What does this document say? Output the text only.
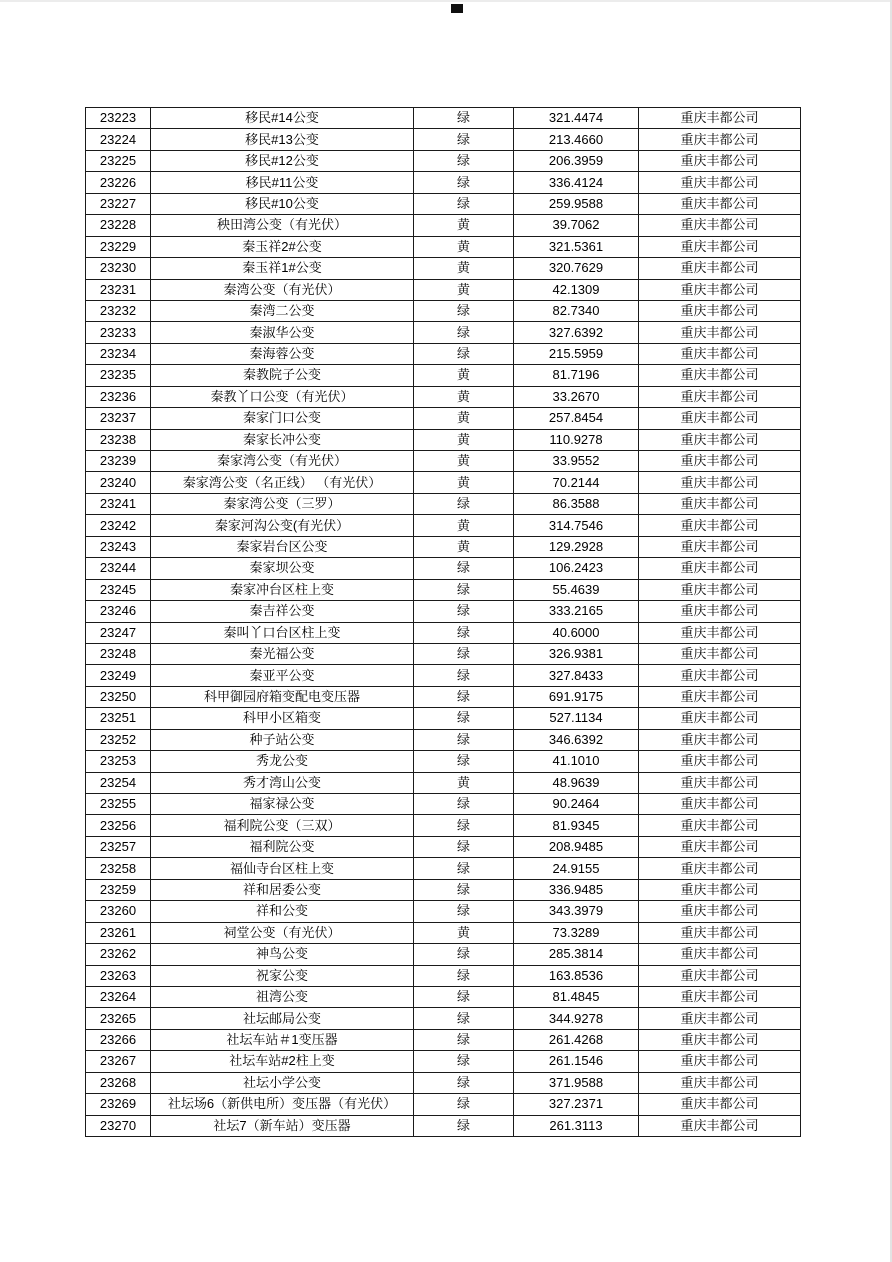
23223	移民#14公变	绿	321.4474	重庆丰都公司
23224	移民#13公变	绿	213.4660	重庆丰都公司
23225	移民#12公变	绿	206.3959	重庆丰都公司
23226	移民#11公变	绿	336.4124	重庆丰都公司
23227	移民#10公变	绿	259.9588	重庆丰都公司
23228	秧田湾公变（有光伏）	黄	39.7062	重庆丰都公司
23229	秦玉祥2#公变	黄	321.5361	重庆丰都公司
23230	秦玉祥1#公变	黄	320.7629	重庆丰都公司
23231	秦湾公变（有光伏）	黄	42.1309	重庆丰都公司
23232	秦湾二公变	绿	82.7340	重庆丰都公司
23233	秦淑华公变	绿	327.6392	重庆丰都公司
23234	秦海蓉公变	绿	215.5959	重庆丰都公司
23235	秦教院子公变	黄	81.7196	重庆丰都公司
23236	秦教丫口公变（有光伏）	黄	33.2670	重庆丰都公司
23237	秦家门口公变	黄	257.8454	重庆丰都公司
23238	秦家长冲公变	黄	110.9278	重庆丰都公司
23239	秦家湾公变（有光伏）	黄	33.9552	重庆丰都公司
23240	秦家湾公变（名正线） （有光伏）	黄	70.2144	重庆丰都公司
23241	秦家湾公变（三罗）	绿	86.3588	重庆丰都公司
23242	秦家河沟公变(有光伏）	黄	314.7546	重庆丰都公司
23243	秦家岩台区公变	黄	129.2928	重庆丰都公司
23244	秦家坝公变	绿	106.2423	重庆丰都公司
23245	秦家冲台区柱上变	绿	55.4639	重庆丰都公司
23246	秦吉祥公变	绿	333.2165	重庆丰都公司
23247	秦叫丫口台区柱上变	绿	40.6000	重庆丰都公司
23248	秦光福公变	绿	326.9381	重庆丰都公司
23249	秦亚平公变	绿	327.8433	重庆丰都公司
23250	科甲御园府箱变配电变压器	绿	691.9175	重庆丰都公司
23251	科甲小区箱变	绿	527.1134	重庆丰都公司
23252	种子站公变	绿	346.6392	重庆丰都公司
23253	秀龙公变	绿	41.1010	重庆丰都公司
23254	秀才湾山公变	黄	48.9639	重庆丰都公司
23255	福家禄公变	绿	90.2464	重庆丰都公司
23256	福利院公变（三双）	绿	81.9345	重庆丰都公司
23257	福利院公变	绿	208.9485	重庆丰都公司
23258	福仙寺台区柱上变	绿	24.9155	重庆丰都公司
23259	祥和居委公变	绿	336.9485	重庆丰都公司
23260	祥和公变	绿	343.3979	重庆丰都公司
23261	祠堂公变（有光伏）	黄	73.3289	重庆丰都公司
23262	神鸟公变	绿	285.3814	重庆丰都公司
23263	祝家公变	绿	163.8536	重庆丰都公司
23264	祖湾公变	绿	81.4845	重庆丰都公司
23265	社坛邮局公变	绿	344.9278	重庆丰都公司
23266	社坛车站＃1变压器	绿	261.4268	重庆丰都公司
23267	社坛车站#2柱上变	绿	261.1546	重庆丰都公司
23268	社坛小学公变	绿	371.9588	重庆丰都公司
23269	社坛场6（新供电所）变压器（有光伏）	绿	327.2371	重庆丰都公司
23270	社坛7（新车站）变压器	绿	261.3113	重庆丰都公司
